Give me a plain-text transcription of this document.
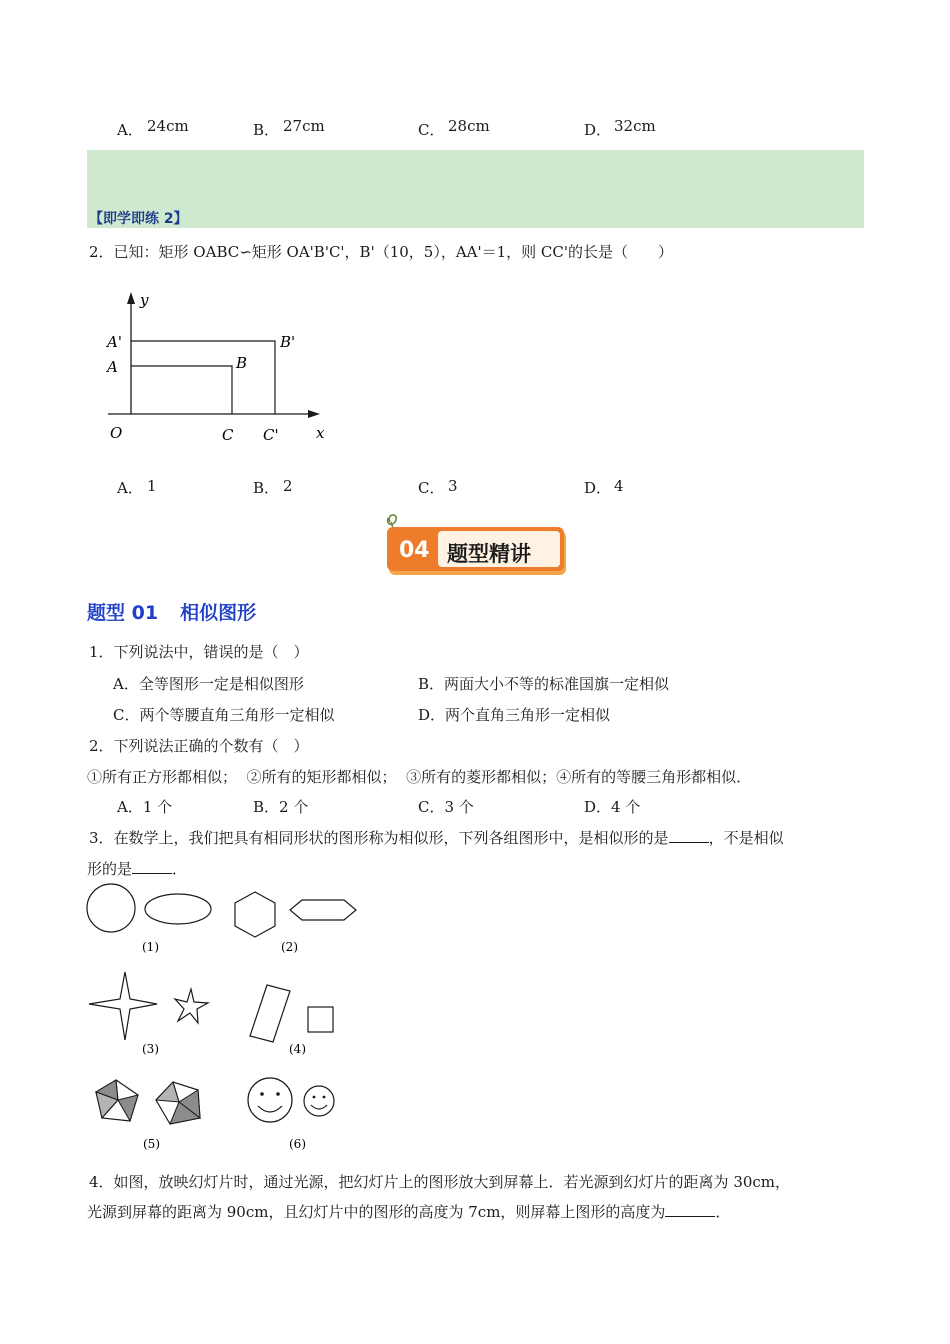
A． 24cm	B． 27cm	C． 28cm	D． 32cm
【即学即练 2】
2．已知：矩形 OABC∽矩形 OA'B'C'，B'（10，5），AA'＝1，则 CC'的长是（　　）
y
A'	B'
A	B
O	C C' x
A． 1	B． 2	C． 3	D． 4
04 题型精讲
题型 01 相似图形
1．下列说法中，错误的是（　）
A．全等图形一定是相似图形	B．两面大小不等的标准国旗一定相似
C．两个等腰直角三角形一定相似	D．两个直角三角形一定相似
2．下列说法正确的个数有（　）
①所有正方形都相似；  ②所有的矩形都相似；  ③所有的菱形都相似；④所有的等腰三角形都相似．
A．1 个	B．2 个	C．3 个	D．4 个
3．在数学上，我们把具有相同形状的图形称为相似形，下列各组图形中，是相似形的是	，不是相似
形的是	．
(1)	(2)
(3)	(4)
(5)	(6)
4．如图，放映幻灯片时，通过光源，把幻灯片上的图形放大到屏幕上．若光源到幻灯片的距离为 30cm，
光源到屏幕的距离为 90cm，且幻灯片中的图形的高度为 7cm，则屏幕上图形的高度为	．
